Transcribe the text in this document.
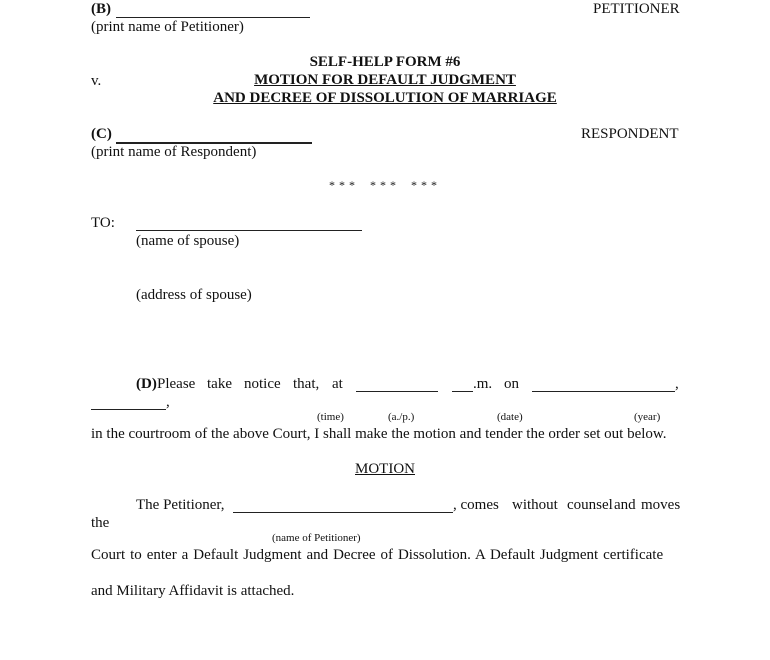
(B)
(print name of Petitioner)
PETITIONER
SELF-HELP FORM #6
v.	MOTION FOR DEFAULT JUDGMENT
AND DECREE OF DISSOLUTION OF MARRIAGE
(C)
(print name of Respondent)
RESPONDENT
*** *** ***
TO:
(name of spouse)
(address of spouse)
(D) Please take notice that, at	.m. on	,
,
(time)	(a./p.)	(date)	(year)
in the courtroom of the above Court, I shall make the motion and tender the order set out below.
MOTION
The Petitioner,	, comes without counsel and moves
the
(name of Petitioner)
Court to enter a Default Judgment and Decree of Dissolution. A Default Judgment certificate
and Military Affidavit is attached.
